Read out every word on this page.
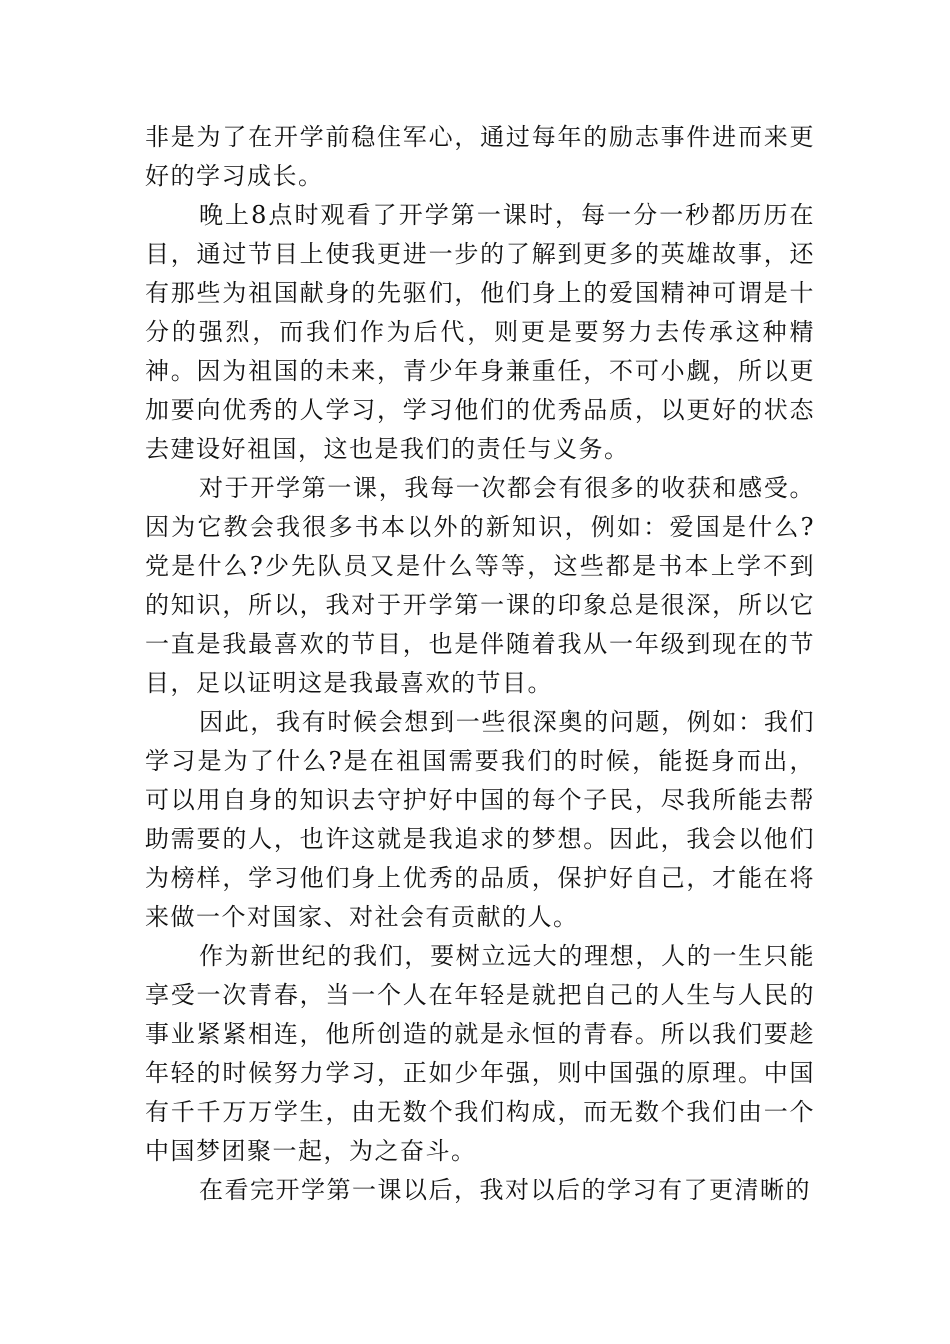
非是为了在开学前稳住军心，通过每年的励志事件进而来更好的学习成长。

晚上8点时观看了开学第一课时，每一分一秒都历历在目，通过节目上使我更进一步的了解到更多的英雄故事，还有那些为祖国献身的先驱们，他们身上的爱国精神可谓是十分的强烈，而我们作为后代，则更是要努力去传承这种精神。因为祖国的未来，青少年身兼重任，不可小觑，所以更加要向优秀的人学习，学习他们的优秀品质，以更好的状态去建设好祖国，这也是我们的责任与义务。

对于开学第一课，我每一次都会有很多的收获和感受。因为它教会我很多书本以外的新知识，例如：爱国是什么?党是什么?少先队员又是什么等等，这些都是书本上学不到的知识，所以，我对于开学第一课的印象总是很深，所以它一直是我最喜欢的节目，也是伴随着我从一年级到现在的节目，足以证明这是我最喜欢的节目。

因此，我有时候会想到一些很深奥的问题，例如：我们学习是为了什么?是在祖国需要我们的时候，能挺身而出，可以用自身的知识去守护好中国的每个子民，尽我所能去帮助需要的人，也许这就是我追求的梦想。因此，我会以他们为榜样，学习他们身上优秀的品质，保护好自己，才能在将来做一个对国家、对社会有贡献的人。

作为新世纪的我们，要树立远大的理想，人的一生只能享受一次青春，当一个人在年轻是就把自己的人生与人民的事业紧紧相连，他所创造的就是永恒的青春。所以我们要趁年轻的时候努力学习，正如少年强，则中国强的原理。中国有千千万万学生，由无数个我们构成，而无数个我们由一个中国梦团聚一起，为之奋斗。

在看完开学第一课以后，我对以后的学习有了更清晰的
